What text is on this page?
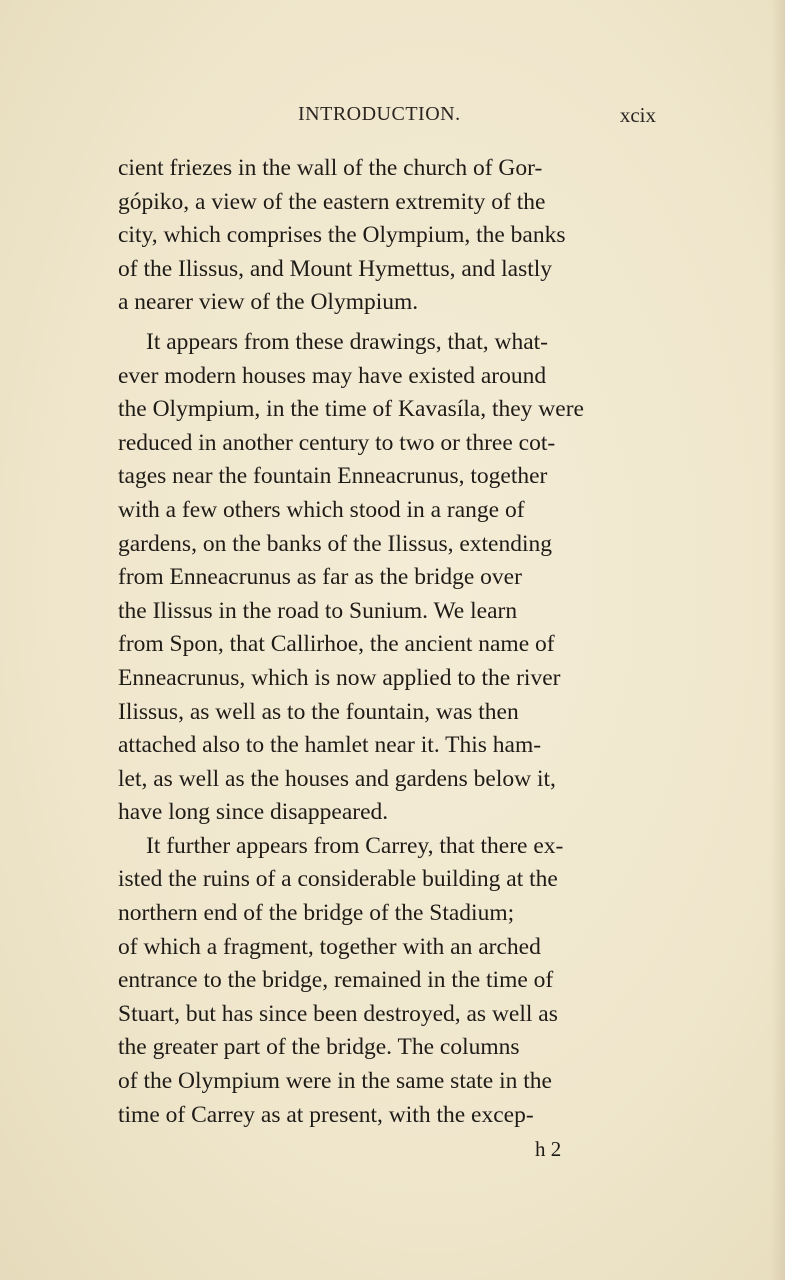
INTRODUCTION.	xcix
cient friezes in the wall of the church of Gor-
gópiko, a view of the eastern extremity of the
city, which comprises the Olympium, the banks
of the Ilissus, and Mount Hymettus, and lastly
a nearer view of the Olympium.
It appears from these drawings, that, what-
ever modern houses may have existed around
the Olympium, in the time of Kavasíla, they were
reduced in another century to two or three cot-
tages near the fountain Enneacrunus, together
with a few others which stood in a range of
gardens, on the banks of the Ilissus, extending
from Enneacrunus as far as the bridge over
the Ilissus in the road to Sunium. We learn
from Spon, that Callirhoe, the ancient name of
Enneacrunus, which is now applied to the river
Ilissus, as well as to the fountain, was then
attached also to the hamlet near it. This ham-
let, as well as the houses and gardens below it,
have long since disappeared.
It further appears from Carrey, that there ex-
isted the ruins of a considerable building at the
northern end of the bridge of the Stadium;
of which a fragment, together with an arched
entrance to the bridge, remained in the time of
Stuart, but has since been destroyed, as well as
the greater part of the bridge. The columns
of the Olympium were in the same state in the
time of Carrey as at present, with the excep-
h 2
